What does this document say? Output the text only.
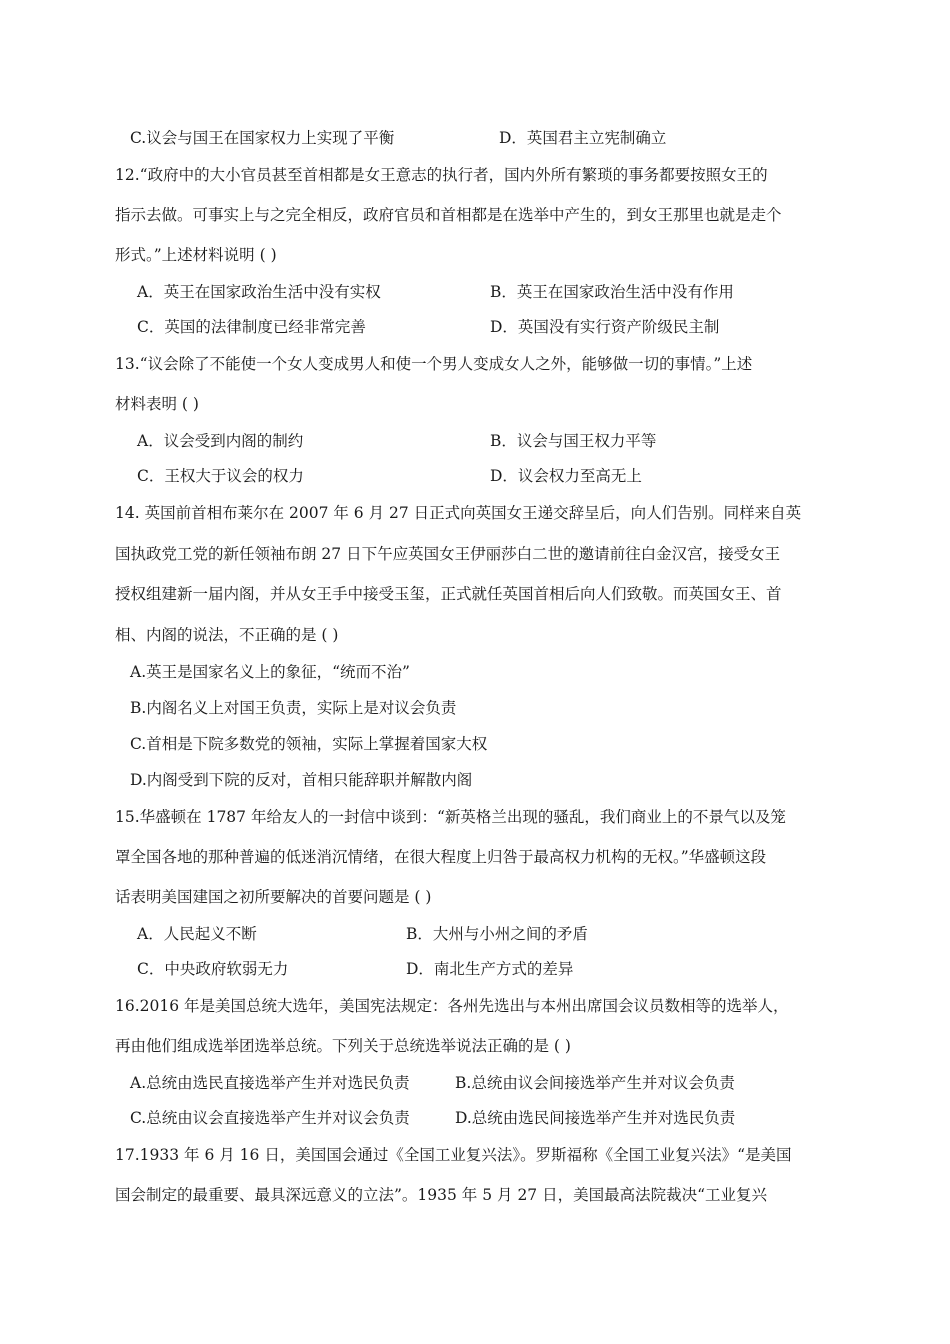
C.议会与国王在国家权力上实现了平衡	D．英国君主立宪制确立
12.“政府中的大小官员甚至首相都是女王意志的执行者，国内外所有繁琐的事务都要按照女王的
指示去做。可事实上与之完全相反，政府官员和首相都是在选举中产生的，到女王那里也就是走个
形式。”上述材料说明 ( )
A．英王在国家政治生活中没有实权	B．英王在国家政治生活中没有作用
C．英国的法律制度已经非常完善	D．英国没有实行资产阶级民主制
13.“议会除了不能使一个女人变成男人和使一个男人变成女人之外，能够做一切的事情。”上述
材料表明 ( )
A．议会受到内阁的制约	B．议会与国王权力平等
C．王权大于议会的权力	D．议会权力至高无上
14. 英国前首相布莱尔在 2007 年 6 月 27 日正式向英国女王递交辞呈后，向人们告别。同样来自英
国执政党工党的新任领袖布朗 27 日下午应英国女王伊丽莎白二世的邀请前往白金汉宫，接受女王
授权组建新一届内阁，并从女王手中接受玉玺，正式就任英国首相后向人们致敬。而英国女王、首
相、内阁的说法，不正确的是 ( )
A.英王是国家名义上的象征，“统而不治”
B.内阁名义上对国王负责，实际上是对议会负责
C.首相是下院多数党的领袖，实际上掌握着国家大权
D.内阁受到下院的反对，首相只能辞职并解散内阁
15.华盛顿在 1787 年给友人的一封信中谈到：“新英格兰出现的骚乱，我们商业上的不景气以及笼
罩全国各地的那种普遍的低迷消沉情绪，在很大程度上归咎于最高权力机构的无权。”华盛顿这段
话表明美国建国之初所要解决的首要问题是 ( )
A．人民起义不断	B．大州与小州之间的矛盾
C．中央政府软弱无力	D．南北生产方式的差异
16.2016 年是美国总统大选年，美国宪法规定：各州先选出与本州出席国会议员数相等的选举人，
再由他们组成选举团选举总统。下列关于总统选举说法正确的是 ( )
A.总统由选民直接选举产生并对选民负责	B.总统由议会间接选举产生并对议会负责
C.总统由议会直接选举产生并对议会负责	D.总统由选民间接选举产生并对选民负责
17.1933 年 6 月 16 日，美国国会通过《全国工业复兴法》。罗斯福称《全国工业复兴法》“是美国
国会制定的最重要、最具深远意义的立法”。1935 年 5 月 27 日，美国最高法院裁决“工业复兴
